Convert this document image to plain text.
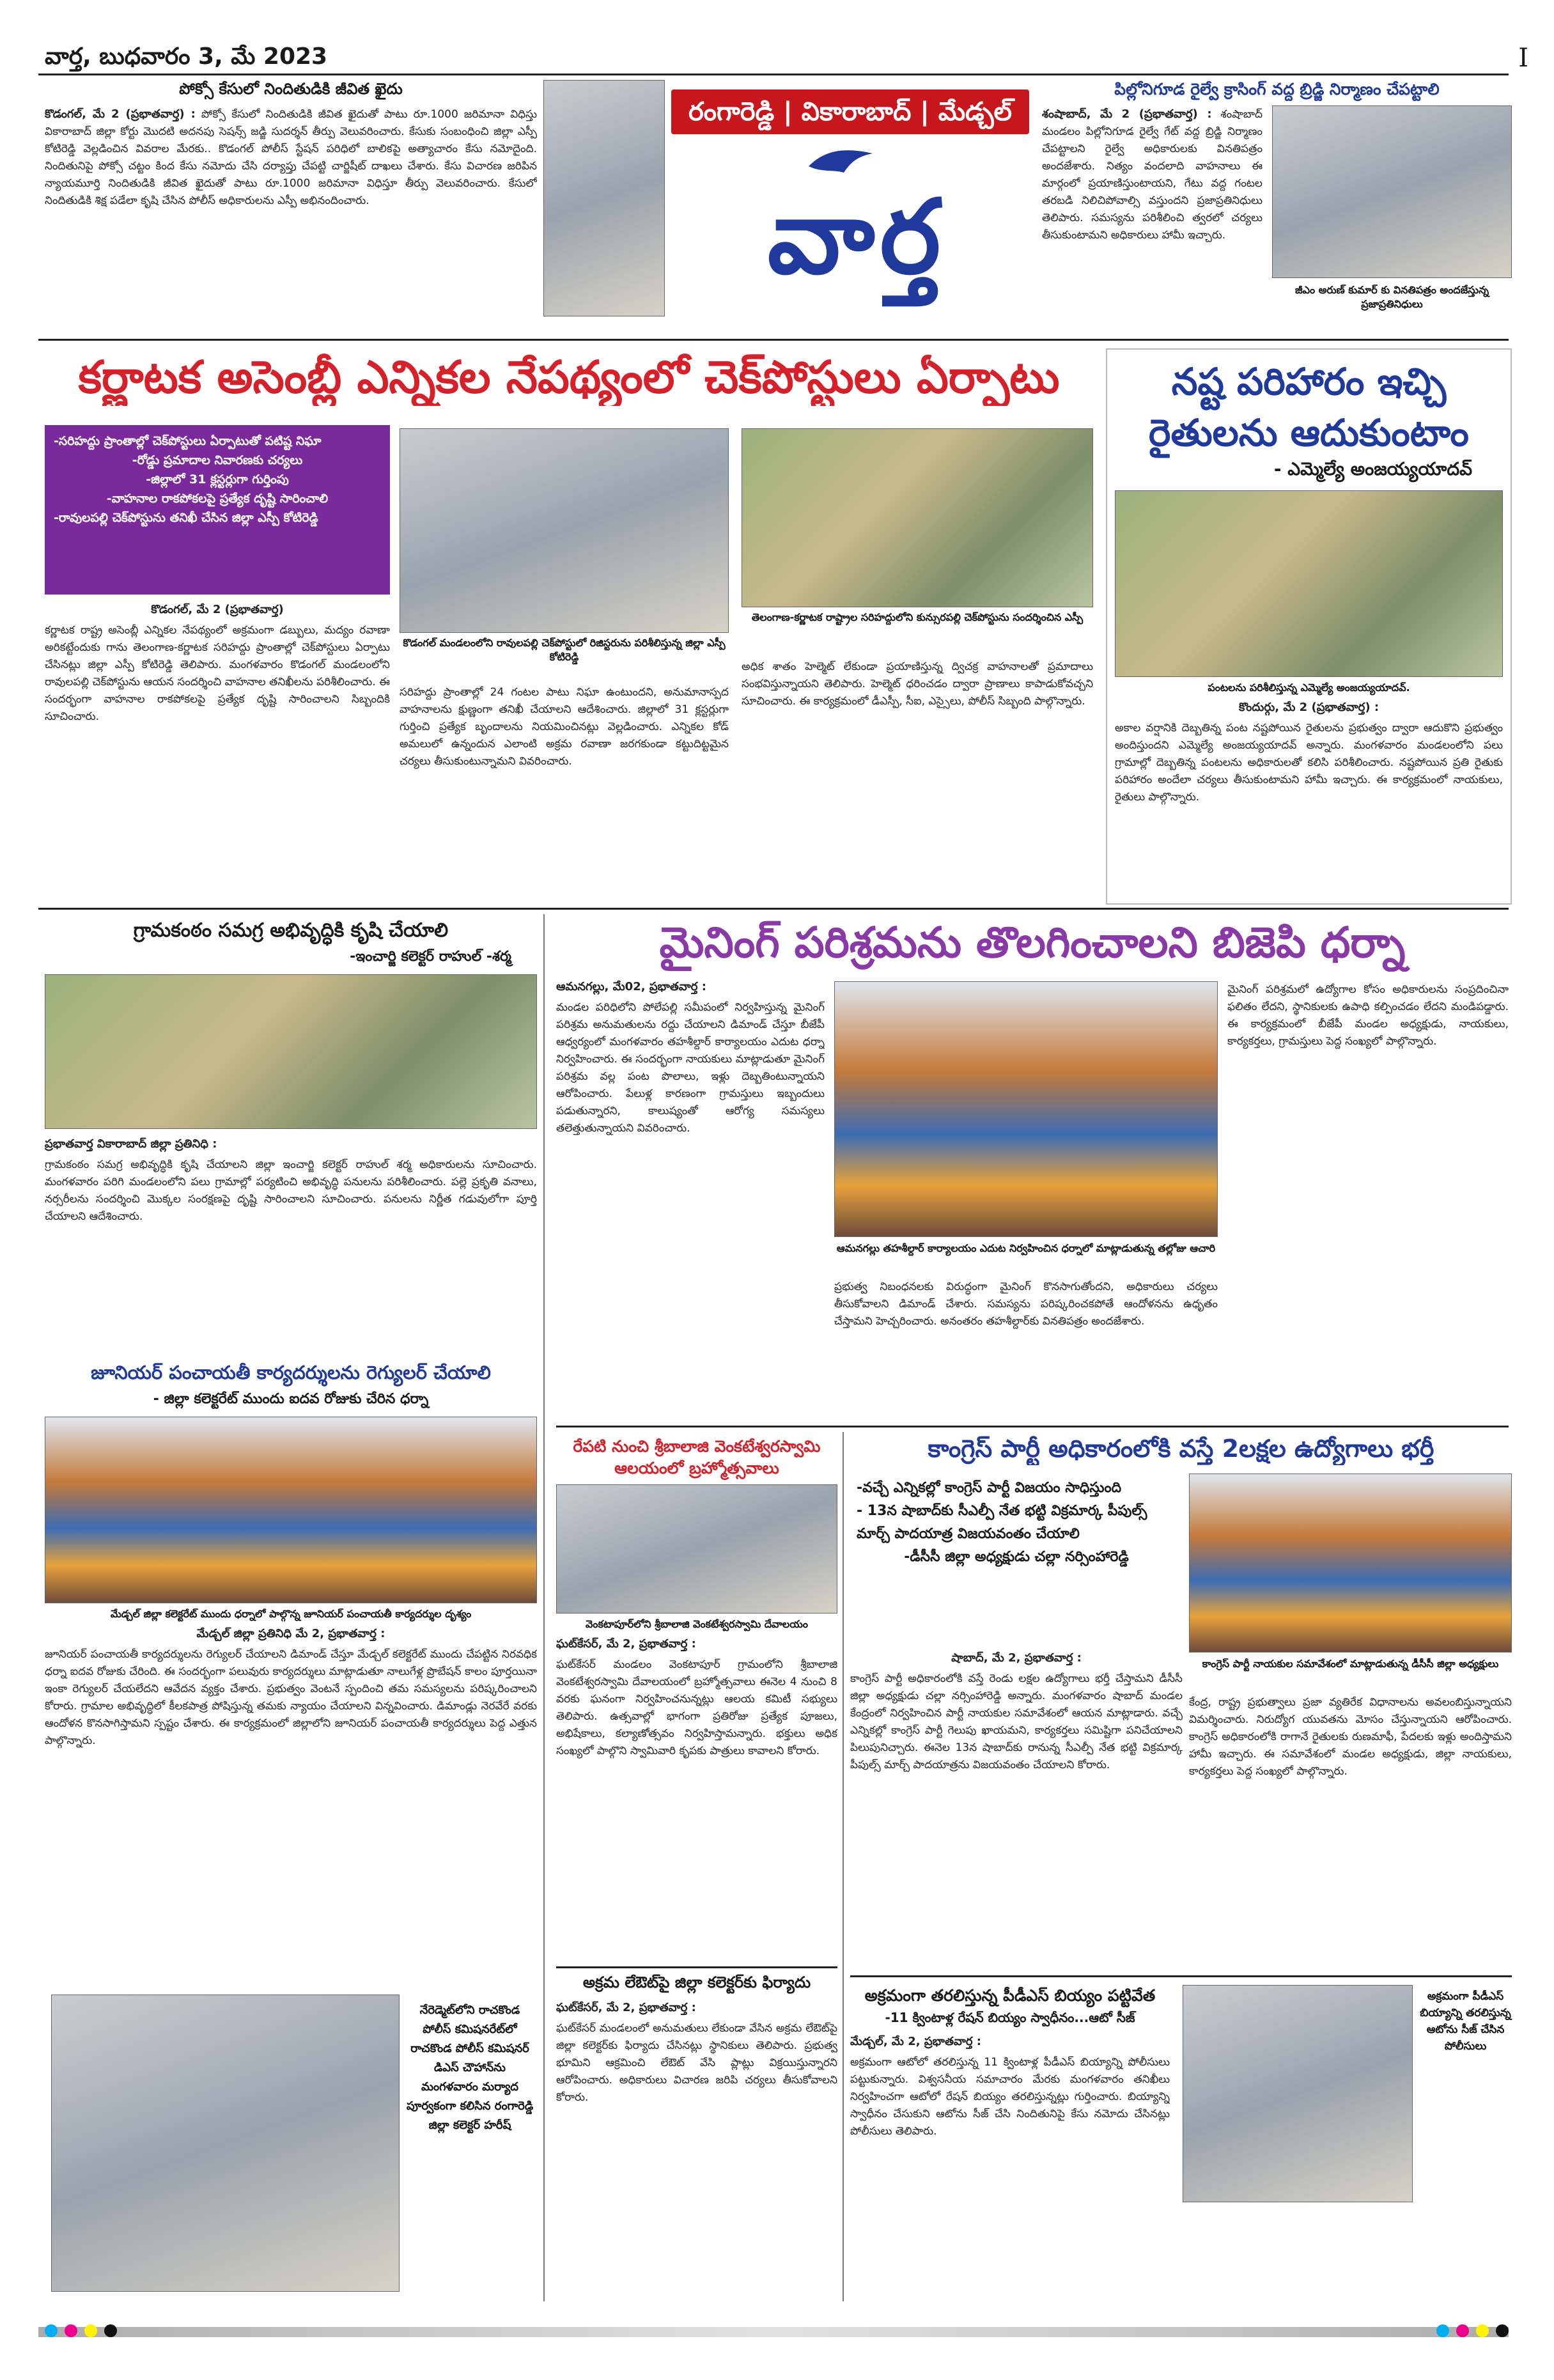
వార్త, బుధవారం 3, మే 2023	I
పోక్సో కేసులో నిందితుడికి జీవిత ఖైదు
కొడంగల్, మే 2 (ప్రభాతవార్త) : పోక్సో కేసులో నిందితుడికి జీవిత ఖైదుతో పాటు రూ.1000 జరిమానా విధిస్తు వికారాబాద్ జిల్లా కోర్టు మొదటి అదనపు సెషన్స్ జడ్జి సుదర్శన్ తీర్పు వెలువరించారు. కేసుకు సంబంధించి జిల్లా ఎస్పీ కోటిరెడ్డి వెల్లడించిన వివరాల మేరకు.. కొడంగల్ పోలీస్ స్టేషన్ పరిధిలో బాలికపై అత్యాచారం కేసు నమోదైంది. నిందితునిపై పోక్సో చట్టం కింద కేసు నమోదు చేసి దర్యాప్తు చేపట్టి చార్జిషీట్ దాఖలు చేశారు. కేసు విచారణ జరిపిన న్యాయమూర్తి నిందితుడికి జీవిత ఖైదుతో పాటు రూ.1000 జరిమానా విధిస్తూ తీర్పు వెలువరించారు. కేసులో నిందితుడికి శిక్ష పడేలా కృషి చేసిన పోలీస్ అధికారులను ఎస్పీ అభినందించారు.
రంగారెడ్డి | వికారాబాద్ | మేడ్చల్
వార్త
పిల్లోనిగూడ రైల్వే క్రాసింగ్ వద్ద బ్రిడ్జి నిర్మాణం చేపట్టాలి
శంషాబాద్, మే 2 (ప్రభాతవార్త) : శంషాబాద్ మండలం పిల్లోనిగూడ రైల్వే గేట్ వద్ద బ్రిడ్జి నిర్మాణం చేపట్టాలని రైల్వే అధికారులకు వినతిపత్రం అందజేశారు. నిత్యం వందలాది వాహనాలు ఈ మార్గంలో ప్రయాణిస్తుంటాయని, గేటు వద్ద గంటల తరబడి నిలిచిపోవాల్సి వస్తుందని ప్రజాప్రతినిధులు తెలిపారు. సమస్యను పరిశీలించి త్వరలో చర్యలు తీసుకుంటామని అధికారులు హామీ ఇచ్చారు.
జీఎం అరుణ్ కుమార్ కు వినతిపత్రం అందజేస్తున్న ప్రజాప్రతినిధులు
కర్ణాటక అసెంబ్లీ ఎన్నికల నేపథ్యంలో చెక్‌పోస్టులు ఏర్పాటు
-సరిహద్దు ప్రాంతాల్లో చెక్‌పోస్టులు ఏర్పాటుతో పటిష్ట నిఘా
-రోడ్డు ప్రమాదాల నివారణకు చర్యలు
-జిల్లాలో 31 క్లస్టర్లుగా గుర్తింపు
-వాహనాల రాకపోకలపై ప్రత్యేక దృష్టి సారించాలి
-రావులపల్లి చెక్‌పోస్టును తనిఖీ చేసిన జిల్లా ఎస్పీ కోటిరెడ్డి
కొడంగల్, మే 2 (ప్రభాతవార్త)
కర్ణాటక రాష్ట్ర అసెంబ్లీ ఎన్నికల నేపథ్యంలో అక్రమంగా డబ్బులు, మద్యం రవాణా అరికట్టేందుకు గాను తెలంగాణ-కర్ణాటక సరిహద్దు ప్రాంతాల్లో చెక్‌పోస్టులు ఏర్పాటు చేసినట్లు జిల్లా ఎస్పీ కోటిరెడ్డి తెలిపారు. మంగళవారం కొడంగల్ మండలంలోని రావులపల్లి చెక్‌పోస్టును ఆయన సందర్శించి వాహనాల తనిఖీలను పరిశీలించారు. ఈ సందర్భంగా వాహనాల రాకపోకలపై ప్రత్యేక దృష్టి సారించాలని సిబ్బందికి సూచించారు.
కొడంగల్ మండలంలోని రావులపల్లి చెక్‌పోస్టులో రిజిస్టరును పరిశీలిస్తున్న జిల్లా ఎస్పీ కోటిరెడ్డి
తెలంగాణ-కర్ణాటక రాష్ట్రాల సరిహద్దులోని కున్సురపల్లి చెక్‌పోస్టును సందర్శించిన ఎస్పీ
సరిహద్దు ప్రాంతాల్లో 24 గంటల పాటు నిఘా ఉంటుందని, అనుమానాస్పద వాహనాలను క్షుణ్ణంగా తనిఖీ చేయాలని ఆదేశించారు. జిల్లాలో 31 క్లస్టర్లుగా గుర్తించి ప్రత్యేక బృందాలను నియమించినట్లు వెల్లడించారు. ఎన్నికల కోడ్ అమలులో ఉన్నందున ఎలాంటి అక్రమ రవాణా జరగకుండా కట్టుదిట్టమైన చర్యలు తీసుకుంటున్నామని వివరించారు.
అధిక శాతం హెల్మెట్ లేకుండా ప్రయాణిస్తున్న ద్విచక్ర వాహనాలతో ప్రమాదాలు సంభవిస్తున్నాయని తెలిపారు. హెల్మెట్ ధరించడం ద్వారా ప్రాణాలు కాపాడుకోవచ్చని సూచించారు. ఈ కార్యక్రమంలో డీఎస్పీ, సీఐ, ఎస్సైలు, పోలీస్ సిబ్బంది పాల్గొన్నారు.
నష్ట పరిహారం ఇచ్చి
రైతులను ఆదుకుంటాం
- ఎమ్మెల్యే అంజయ్యయాదవ్
పంటలను పరిశీలిస్తున్న ఎమ్మెల్యే అంజయ్యయాదవ్.
కొందుర్గు, మే 2 (ప్రభాతవార్త) :
అకాల వర్షానికి దెబ్బతిన్న పంట నష్టపోయిన రైతులను ప్రభుత్వం ద్వారా ఆదుకొని ప్రభుత్వం అందిస్తుందని ఎమ్మెల్యే అంజయ్యయాదవ్ అన్నారు. మంగళవారం మండలంలోని పలు గ్రామాల్లో దెబ్బతిన్న పంటలను అధికారులతో కలిసి పరిశీలించారు. నష్టపోయిన ప్రతి రైతుకు పరిహారం అందేలా చర్యలు తీసుకుంటామని హామీ ఇచ్చారు. ఈ కార్యక్రమంలో నాయకులు, రైతులు పాల్గొన్నారు.
గ్రామకంఠం సమగ్ర అభివృద్ధికి కృషి చేయాలి
-ఇంచార్జి కలెక్టర్ రాహుల్ -శర్మ
ప్రభాతవార్త వికారాబాద్ జిల్లా ప్రతినిధి :
గ్రామకంఠం సమగ్ర అభివృద్ధికి కృషి చేయాలని జిల్లా ఇంచార్జి కలెక్టర్ రాహుల్ శర్మ అధికారులను సూచించారు. మంగళవారం పరిగి మండలంలోని పలు గ్రామాల్లో పర్యటించి అభివృద్ధి పనులను పరిశీలించారు. పల్లె ప్రకృతి వనాలు, నర్సరీలను సందర్శించి మొక్కల సంరక్షణపై దృష్టి సారించాలని సూచించారు. పనులను నిర్ణీత గడువులోగా పూర్తి చేయాలని ఆదేశించారు.
జూనియర్ పంచాయతీ కార్యదర్శులను రెగ్యులర్ చేయాలి
- జిల్లా కలెక్టరేట్ ముందు ఐదవ రోజుకు చేరిన ధర్నా
మేడ్చల్ జిల్లా కలెక్టరేట్ ముందు ధర్నాలో పాల్గొన్న జూనియర్ పంచాయతీ కార్యదర్శుల దృశ్యం
మేడ్చల్ జిల్లా ప్రతినిధి మే 2, ప్రభాతవార్త :
జూనియర్ పంచాయతీ కార్యదర్శులను రెగ్యులర్ చేయాలని డిమాండ్ చేస్తూ మేడ్చల్ కలెక్టరేట్ ముందు చేపట్టిన నిరవధిక ధర్నా ఐదవ రోజుకు చేరింది. ఈ సందర్భంగా పలువురు కార్యదర్శులు మాట్లాడుతూ నాలుగేళ్ల ప్రొబేషన్ కాలం పూర్తయినా ఇంకా రెగ్యులర్ చేయలేదని ఆవేదన వ్యక్తం చేశారు. ప్రభుత్వం వెంటనే స్పందించి తమ సమస్యలను పరిష్కరించాలని కోరారు. గ్రామాల అభివృద్ధిలో కీలకపాత్ర పోషిస్తున్న తమకు న్యాయం చేయాలని విన్నవించారు. డిమాండ్లు నెరవేరే వరకు ఆందోళన కొనసాగిస్తామని స్పష్టం చేశారు. ఈ కార్యక్రమంలో జిల్లాలోని జూనియర్ పంచాయతీ కార్యదర్శులు పెద్ద ఎత్తున పాల్గొన్నారు.
నేరెడ్మెట్‌లోని రాచకొండ పోలీస్ కమిషనరేట్‌లో రాచకొండ పోలీస్ కమిషనర్ డిఎస్ చౌహాన్‌ను మంగళవారం మర్యాద పూర్వకంగా కలిసిన రంగారెడ్డి జిల్లా కలెక్టర్ హరీష్
మైనింగ్ పరిశ్రమను తొలగించాలని బిజెపి ధర్నా
ఆమనగల్లు, మే02, ప్రభాతవార్త :
మండల పరిధిలోని పోలేపల్లి సమీపంలో నిర్వహిస్తున్న మైనింగ్ పరిశ్రమ అనుమతులను రద్దు చేయాలని డిమాండ్ చేస్తూ బీజేపీ ఆధ్వర్యంలో మంగళవారం తహశీల్దార్ కార్యాలయం ఎదుట ధర్నా నిర్వహించారు. ఈ సందర్భంగా నాయకులు మాట్లాడుతూ మైనింగ్ పరిశ్రమ వల్ల పంట పొలాలు, ఇళ్లు దెబ్బతింటున్నాయని ఆరోపించారు. పేలుళ్ల కారణంగా గ్రామస్తులు ఇబ్బందులు పడుతున్నారని, కాలుష్యంతో ఆరోగ్య సమస్యలు తలెత్తుతున్నాయని వివరించారు.
ఆమనగల్లు తహశీల్దార్ కార్యాలయం ఎదుట నిర్వహించిన ధర్నాలో మాట్లాడుతున్న తల్లోజు ఆచారి
ప్రభుత్వ నిబంధనలకు విరుద్ధంగా మైనింగ్ కొనసాగుతోందని, అధికారులు చర్యలు తీసుకోవాలని డిమాండ్ చేశారు. సమస్యను పరిష్కరించకపోతే ఆందోళనను ఉధృతం చేస్తామని హెచ్చరించారు. అనంతరం తహశీల్దార్‌కు వినతిపత్రం అందజేశారు.
మైనింగ్ పరిశ్రమలో ఉద్యోగాల కోసం అధికారులను సంప్రదించినా ఫలితం లేదని, స్థానికులకు ఉపాధి కల్పించడం లేదని మండిపడ్డారు. ఈ కార్యక్రమంలో బీజేపీ మండల అధ్యక్షుడు, నాయకులు, కార్యకర్తలు, గ్రామస్తులు పెద్ద సంఖ్యలో పాల్గొన్నారు.
రేపటి నుంచి శ్రీబాలాజి వెంకటేశ్వరస్వామి ఆలయంలో బ్రహ్మోత్సవాలు
వెంకటాపూర్‌లోని శ్రీబాలాజి వెంకటేశ్వరస్వామి దేవాలయం
ఘట్‌కేసర్, మే 2, ప్రభాతవార్త :
ఘట్‌కేసర్ మండలం వెంకటాపూర్ గ్రామంలోని శ్రీబాలాజి వెంకటేశ్వరస్వామి దేవాలయంలో బ్రహ్మోత్సవాలు ఈనెల 4 నుంచి 8 వరకు ఘనంగా నిర్వహించనున్నట్లు ఆలయ కమిటీ సభ్యులు తెలిపారు. ఉత్సవాల్లో భాగంగా ప్రతిరోజు ప్రత్యేక పూజలు, అభిషేకాలు, కల్యాణోత్సవం నిర్వహిస్తామన్నారు. భక్తులు అధిక సంఖ్యలో పాల్గొని స్వామివారి కృపకు పాత్రులు కావాలని కోరారు.
అక్రమ లేఔట్‌పై జిల్లా కలెక్టర్‌కు ఫిర్యాదు
ఘట్‌కేసర్, మే 2, ప్రభాతవార్త :
ఘట్‌కేసర్ మండలంలో అనుమతులు లేకుండా వేసిన అక్రమ లేఔట్‌పై జిల్లా కలెక్టర్‌కు ఫిర్యాదు చేసినట్లు స్థానికులు తెలిపారు. ప్రభుత్వ భూమిని ఆక్రమించి లేఔట్ వేసి ప్లాట్లు విక్రయిస్తున్నారని ఆరోపించారు. అధికారులు విచారణ జరిపి చర్యలు తీసుకోవాలని కోరారు.
కాంగ్రెస్ పార్టీ అధికారంలోకి వస్తే 2లక్షల ఉద్యోగాలు భర్తీ
-వచ్చే ఎన్నికల్లో కాంగ్రెస్ పార్టీ విజయం సాధిస్తుంది
- 13న షాబాద్‌కు సీఎల్పీ నేత భట్టి విక్రమార్క పీపుల్స్ మార్చ్ పాదయాత్ర విజయవంతం చేయాలి
-డీసీసీ జిల్లా అధ్యక్షుడు చల్లా నర్సింహారెడ్డి
కాంగ్రెస్ పార్టీ నాయకుల సమావేశంలో మాట్లాడుతున్న డీసీసీ జిల్లా అధ్యక్షులు
షాబాద్, మే 2, ప్రభాతవార్త :
కాంగ్రెస్ పార్టీ అధికారంలోకి వస్తే రెండు లక్షల ఉద్యోగాలు భర్తీ చేస్తామని డీసీసీ జిల్లా అధ్యక్షుడు చల్లా నర్సింహారెడ్డి అన్నారు. మంగళవారం షాబాద్ మండల కేంద్రంలో నిర్వహించిన పార్టీ నాయకుల సమావేశంలో ఆయన మాట్లాడారు. వచ్చే ఎన్నికల్లో కాంగ్రెస్ పార్టీ గెలుపు ఖాయమని, కార్యకర్తలు సమిష్టిగా పనిచేయాలని పిలుపునిచ్చారు. ఈనెల 13న షాబాద్‌కు రానున్న సీఎల్పీ నేత భట్టి విక్రమార్క పీపుల్స్ మార్చ్ పాదయాత్రను విజయవంతం చేయాలని కోరారు.
కేంద్ర, రాష్ట్ర ప్రభుత్వాలు ప్రజా వ్యతిరేక విధానాలను అవలంబిస్తున్నాయని విమర్శించారు. నిరుద్యోగ యువతను మోసం చేస్తున్నాయని ఆరోపించారు. కాంగ్రెస్ అధికారంలోకి రాగానే రైతులకు రుణమాఫీ, పేదలకు ఇళ్లు అందిస్తామని హామీ ఇచ్చారు. ఈ సమావేశంలో మండల అధ్యక్షుడు, జిల్లా నాయకులు, కార్యకర్తలు పెద్ద సంఖ్యలో పాల్గొన్నారు.
అక్రమంగా తరలిస్తున్న పీడీఎస్ బియ్యం పట్టివేత
-11 క్వింటాళ్ల రేషన్ బియ్యం స్వాధీనం...ఆటో సీజ్
మేడ్చల్, మే 2, ప్రభాతవార్త :
అక్రమంగా ఆటోలో తరలిస్తున్న 11 క్వింటాళ్ల పీడీఎస్ బియ్యాన్ని పోలీసులు పట్టుకున్నారు. విశ్వసనీయ సమాచారం మేరకు మంగళవారం తనిఖీలు నిర్వహించగా ఆటోలో రేషన్ బియ్యం తరలిస్తున్నట్లు గుర్తించారు. బియ్యాన్ని స్వాధీనం చేసుకుని ఆటోను సీజ్ చేసి నిందితునిపై కేసు నమోదు చేసినట్లు పోలీసులు తెలిపారు.
అక్రమంగా పీడీఎస్ బియ్యాన్ని తరలిస్తున్న ఆటోను సీజ్ చేసిన పోలీసులు
